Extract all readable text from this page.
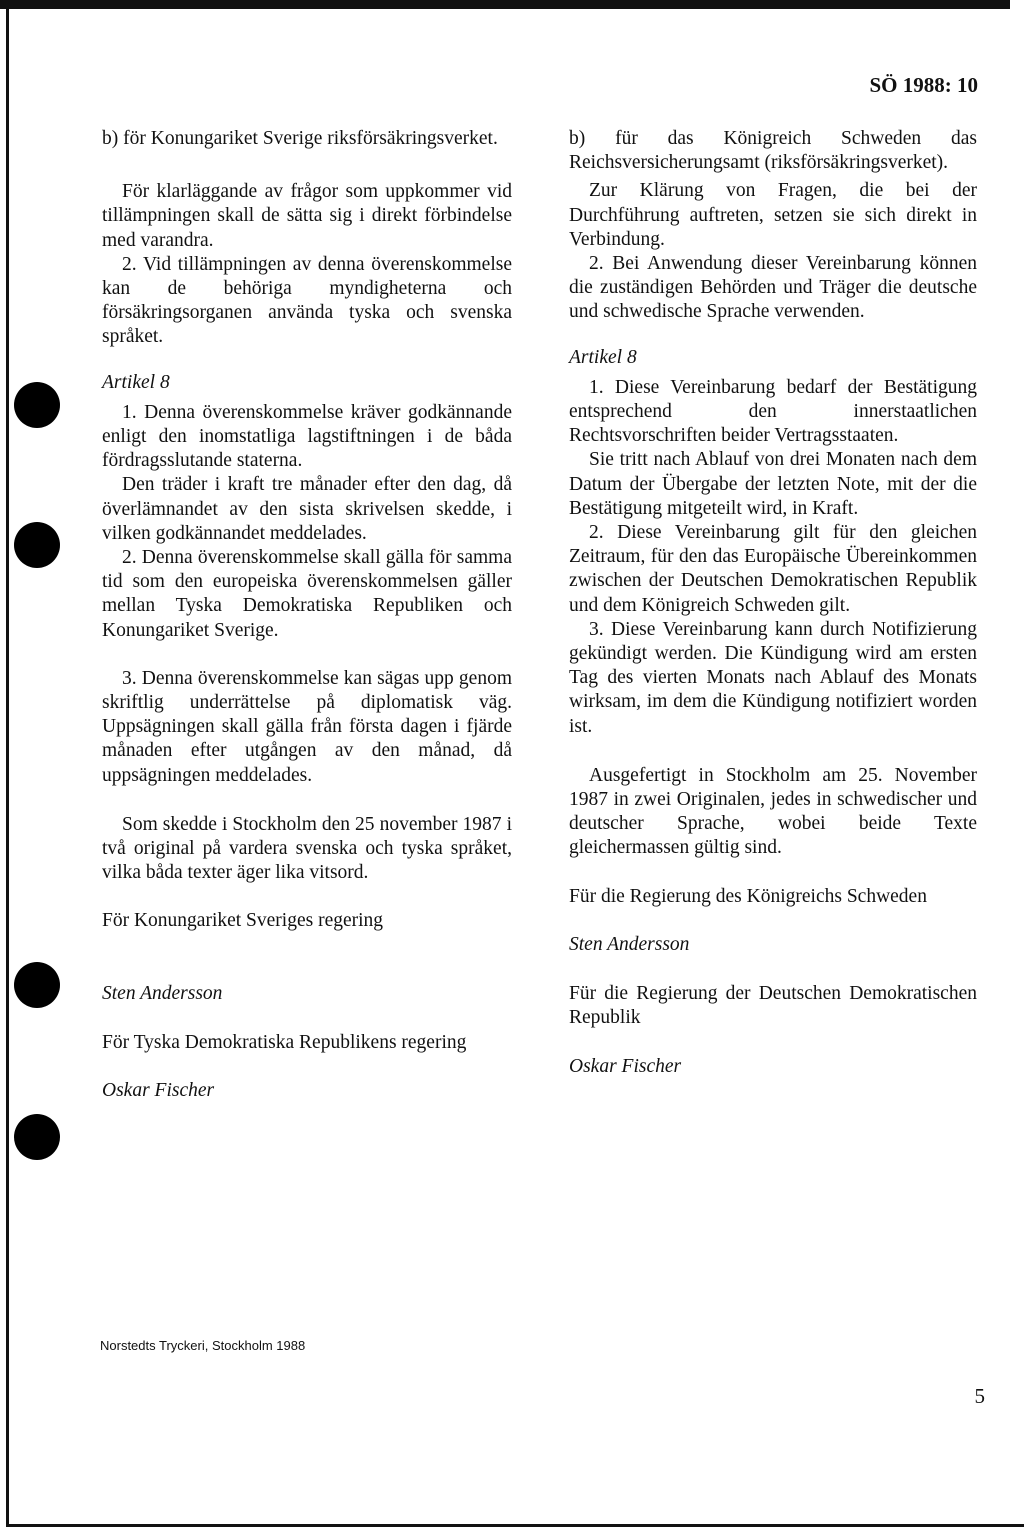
SÖ 1988: 10

b) för Konungariket Sverige riksförsäkringsverket.

För klarläggande av frågor som uppkommer vid tillämpningen skall de sätta sig i direkt förbindelse med varandra.

2. Vid tillämpningen av denna överenskommelse kan de behöriga myndigheterna och försäkringsorganen använda tyska och svenska språket.

Artikel 8

1. Denna överenskommelse kräver godkännande enligt den inomstatliga lagstiftningen i de båda fördragsslutande staterna.

Den träder i kraft tre månader efter den dag, då överlämnandet av den sista skrivelsen skedde, i vilken godkännandet meddelades.

2. Denna överenskommelse skall gälla för samma tid som den europeiska överenskommelsen gäller mellan Tyska Demokratiska Republiken och Konungariket Sverige.

3. Denna överenskommelse kan sägas upp genom skriftlig underrättelse på diplomatisk väg. Uppsägningen skall gälla från första dagen i fjärde månaden efter utgången av den månad, då uppsägningen meddelades.

Som skedde i Stockholm den 25 november 1987 i två original på vardera svenska och tyska språket, vilka båda texter äger lika vitsord.

För Konungariket Sveriges regering

Sten Andersson

För Tyska Demokratiska Republikens regering

Oskar Fischer

b) für das Königreich Schweden das Reichsversicherungsamt (riksförsäkringsverket).

Zur Klärung von Fragen, die bei der Durchführung auftreten, setzen sie sich direkt in Verbindung.

2. Bei Anwendung dieser Vereinbarung können die zuständigen Behörden und Träger die deutsche und schwedische Sprache verwenden.

Artikel 8

1. Diese Vereinbarung bedarf der Bestätigung entsprechend den innerstaatlichen Rechtsvorschriften beider Vertragsstaaten.

Sie tritt nach Ablauf von drei Monaten nach dem Datum der Übergabe der letzten Note, mit der die Bestätigung mitgeteilt wird, in Kraft.

2. Diese Vereinbarung gilt für den gleichen Zeitraum, für den das Europäische Übereinkommen zwischen der Deutschen Demokratischen Republik und dem Königreich Schweden gilt.

3. Diese Vereinbarung kann durch Notifizierung gekündigt werden. Die Kündigung wird am ersten Tag des vierten Monats nach Ablauf des Monats wirksam, im dem die Kündigung notifiziert worden ist.

Ausgefertigt in Stockholm am 25. November 1987 in zwei Originalen, jedes in schwedischer und deutscher Sprache, wobei beide Texte gleichermassen gültig sind.

Für die Regierung des Königreichs Schweden

Sten Andersson

Für die Regierung der Deutschen Demokratischen Republik

Oskar Fischer

Norstedts Tryckeri, Stockholm 1988
5
